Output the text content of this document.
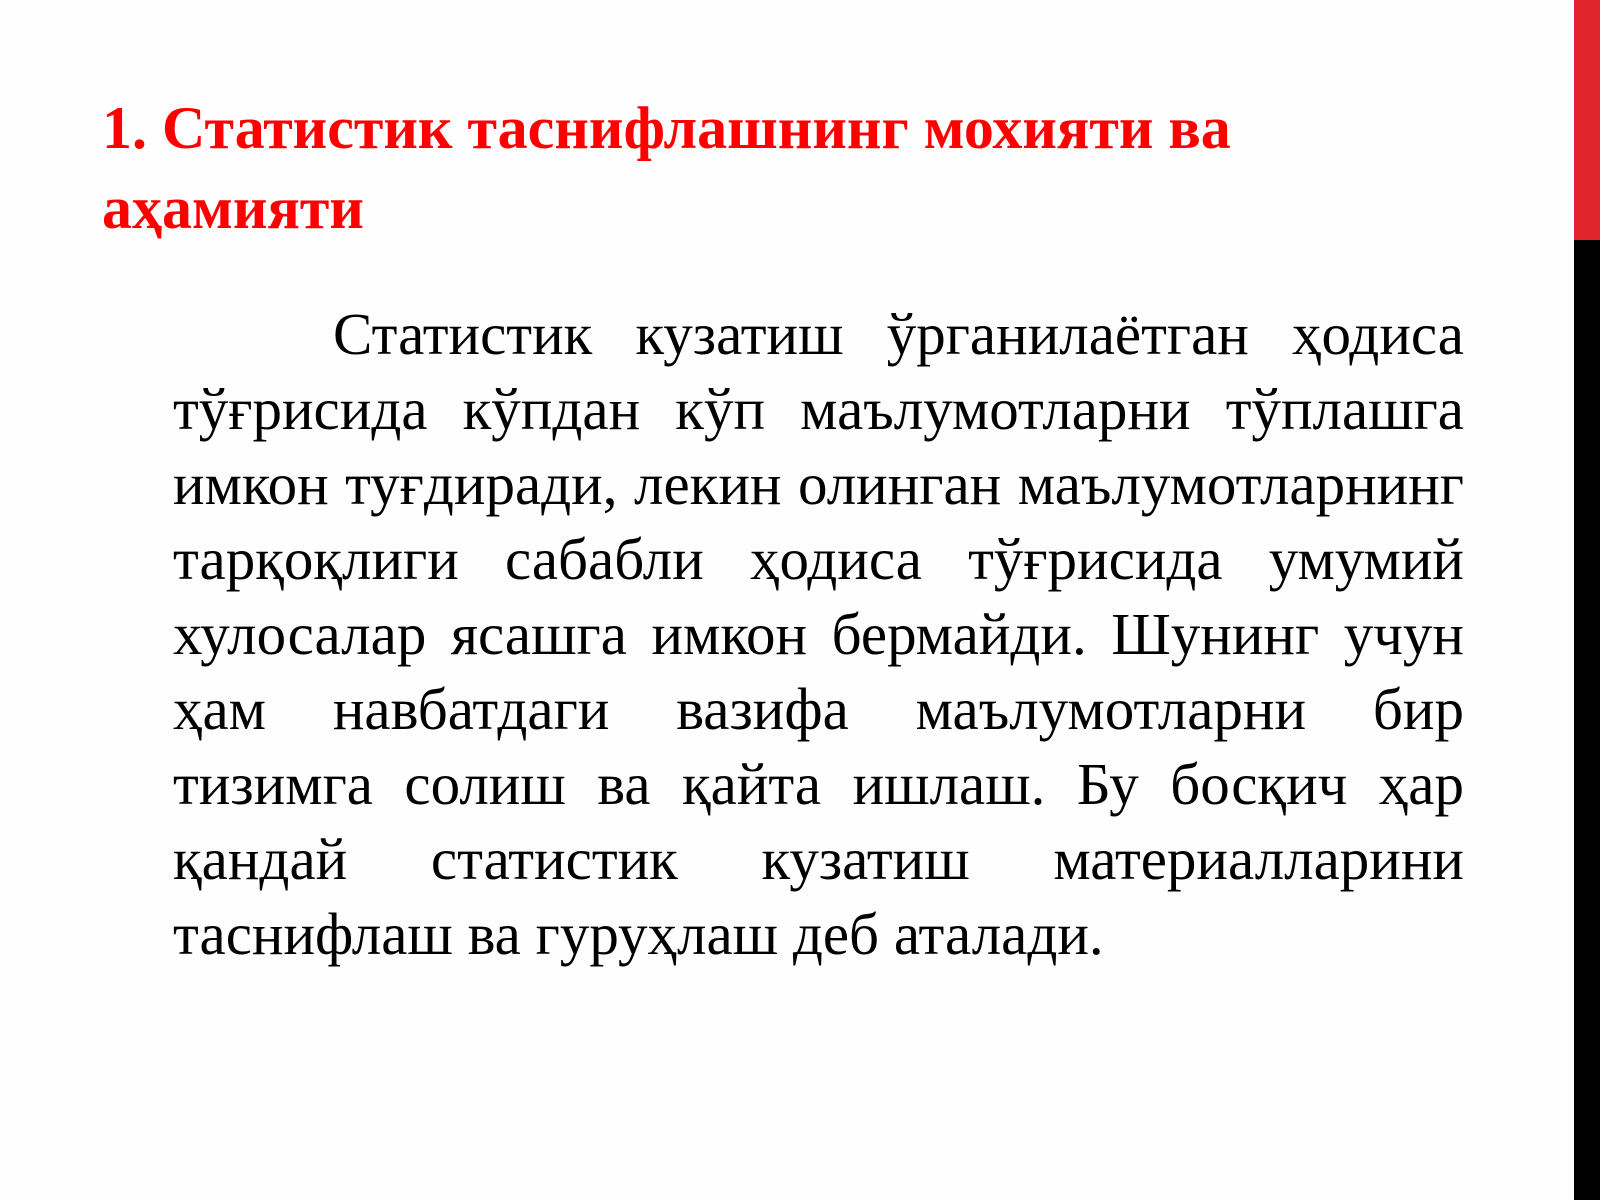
1. Статистик таснифлашнинг мохияти ва аҳамияти

Статистик кузатиш ўрганилаётган ҳодиса тўғрисида кўпдан кўп маълумотларни тўплашга имкон туғдиради, лекин олинган маълумотларнинг тарқоқлиги сабабли ҳодиса тўғрисида умумий хулосалар ясашга имкон бермайди. Шунинг учун ҳам навбатдаги вазифа маълумотларни бир тизимга солиш ва қайта ишлаш. Бу босқич ҳар қандай статистик кузатиш материалларини таснифлаш ва гуруҳлаш деб аталади.
